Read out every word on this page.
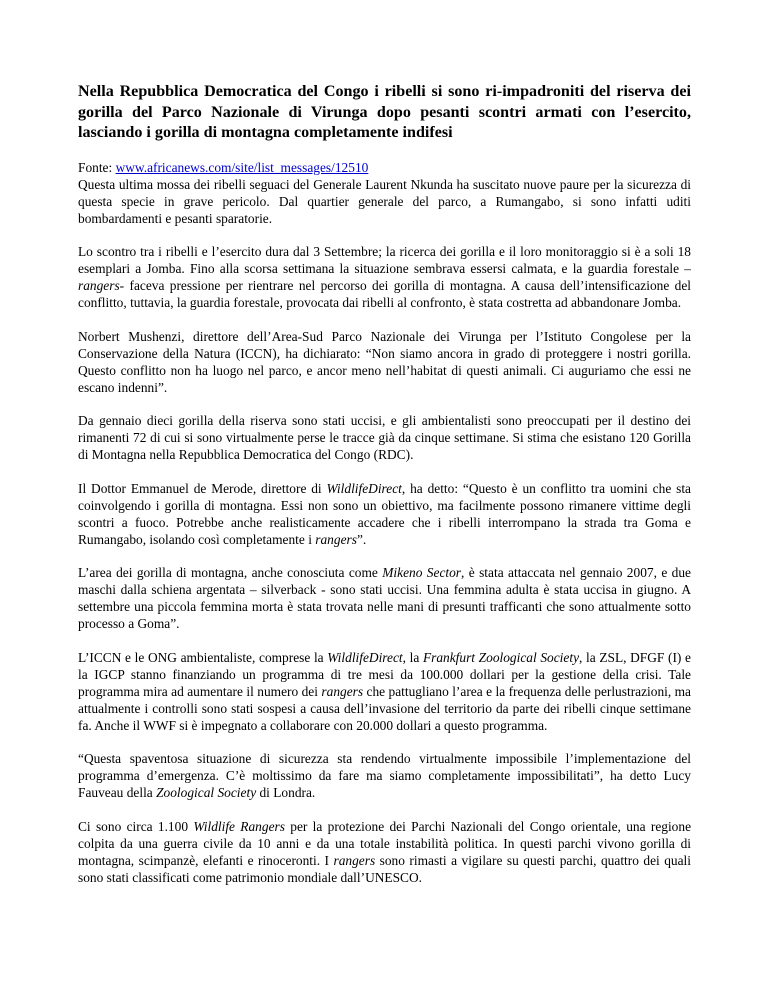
Nella Repubblica Democratica del Congo i ribelli si sono ri-impadroniti del riserva dei gorilla del Parco Nazionale di Virunga dopo pesanti scontri armati con l’esercito, lasciando i gorilla di montagna completamente indifesi

Fonte: www.africanews.com/site/list_messages/12510

Questa ultima mossa dei ribelli seguaci del Generale Laurent Nkunda ha suscitato nuove paure per la sicurezza di questa specie in grave pericolo. Dal quartier generale del parco, a Rumangabo, si sono infatti uditi bombardamenti e pesanti sparatorie.

Lo scontro tra i ribelli e l’esercito dura dal 3 Settembre; la ricerca dei gorilla e il loro monitoraggio si è a soli 18 esemplari a Jomba. Fino alla scorsa settimana la situazione sembrava essersi calmata, e la guardia forestale –rangers- faceva pressione per rientrare nel percorso dei gorilla di montagna. A causa dell’intensificazione del conflitto, tuttavia, la guardia forestale, provocata dai ribelli al confronto, è stata costretta ad abbandonare Jomba.

Norbert Mushenzi, direttore dell’Area-Sud Parco Nazionale dei Virunga per l’Istituto Congolese per la Conservazione della Natura (ICCN), ha dichiarato: “Non siamo ancora in grado di proteggere i nostri gorilla. Questo conflitto non ha luogo nel parco, e ancor meno nell’habitat di questi animali. Ci auguriamo che essi ne escano indenni”.

Da gennaio dieci gorilla della riserva sono stati uccisi, e gli ambientalisti sono preoccupati per il destino dei rimanenti 72 di cui si sono virtualmente perse le tracce già da cinque settimane. Si stima che esistano 120 Gorilla di Montagna nella Repubblica Democratica del Congo (RDC).

Il Dottor Emmanuel de Merode, direttore di WildlifeDirect, ha detto: “Questo è un conflitto tra uomini che sta coinvolgendo i gorilla di montagna. Essi non sono un obiettivo, ma facilmente possono rimanere vittime degli scontri a fuoco. Potrebbe anche realisticamente accadere che i ribelli interrompano la strada tra Goma e Rumangabo, isolando così completamente i rangers”.

L’area dei gorilla di montagna, anche conosciuta come Mikeno Sector, è stata attaccata nel gennaio 2007, e due maschi dalla schiena argentata – silverback - sono stati uccisi. Una femmina adulta è stata uccisa in giugno. A settembre una piccola femmina morta è stata trovata nelle mani di presunti trafficanti che sono attualmente sotto processo a Goma”.

L’ICCN e le ONG ambientaliste, comprese la WildlifeDirect, la Frankfurt Zoological Society, la ZSL, DFGF (I) e la IGCP stanno finanziando un programma di tre mesi da 100.000 dollari per la gestione della crisi. Tale programma mira ad aumentare il numero dei rangers che pattugliano l’area e la frequenza delle perlustrazioni, ma attualmente i controlli sono stati sospesi a causa dell’invasione del territorio da parte dei ribelli cinque settimane fa. Anche il WWF si è impegnato a collaborare con 20.000 dollari a questo programma.

“Questa spaventosa situazione di sicurezza sta rendendo virtualmente impossibile l’implementazione del programma d’emergenza. C’è moltissimo da fare ma siamo completamente impossibilitati”, ha detto Lucy Fauveau della Zoological Society di Londra.

Ci sono circa 1.100 Wildlife Rangers per la protezione dei Parchi Nazionali del Congo orientale, una regione colpita da una guerra civile da 10 anni e da una totale instabilità politica. In questi parchi vivono gorilla di montagna, scimpanzè, elefanti e rinoceronti. I rangers sono rimasti a vigilare su questi parchi, quattro dei quali sono stati classificati come patrimonio mondiale dall’UNESCO.
